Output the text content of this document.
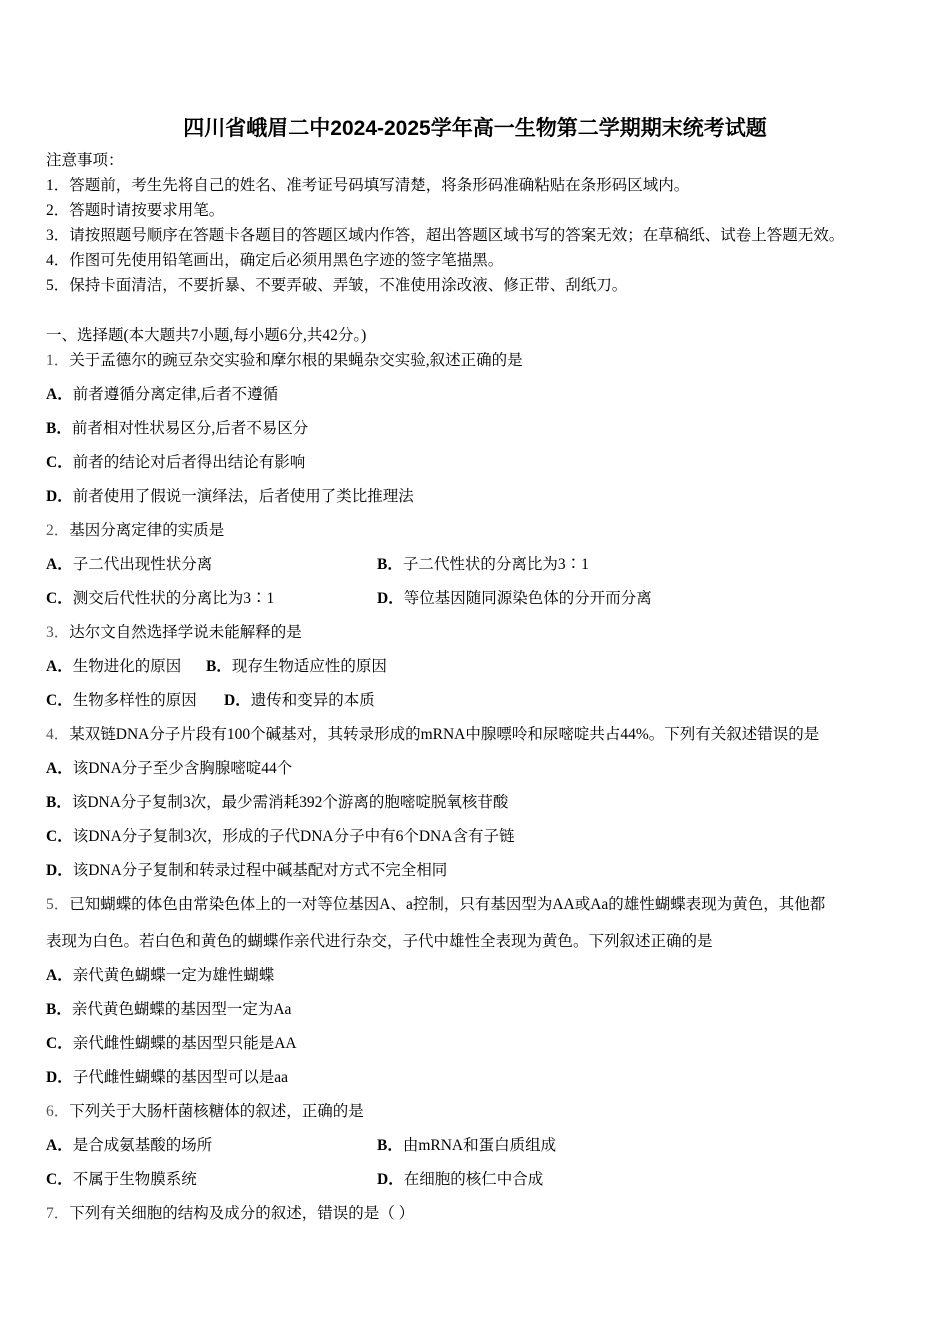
四川省峨眉二中2024-2025学年高一生物第二学期期末统考试题
注意事项：
1．答题前，考生先将自己的姓名、准考证号码填写清楚，将条形码准确粘贴在条形码区域内。
2．答题时请按要求用笔。
3．请按照题号顺序在答题卡各题目的答题区域内作答，超出答题区域书写的答案无效；在草稿纸、试卷上答题无效。
4．作图可先使用铅笔画出，确定后必须用黑色字迹的签字笔描黑。
5．保持卡面清洁，不要折暴、不要弄破、弄皱，不准使用涂改液、修正带、刮纸刀。
一、选择题(本大题共7小题,每小题6分,共42分。)
1．关于孟德尔的豌豆杂交实验和摩尔根的果蝇杂交实验,叙述正确的是
A．前者遵循分离定律,后者不遵循
B．前者相对性状易区分,后者不易区分
C．前者的结论对后者得出结论有影响
D．前者使用了假说一演绎法，后者使用了类比推理法
2．基因分离定律的实质是
A．子二代出现性状分离	B．子二代性状的分离比为3∶1
C．测交后代性状的分离比为3∶1	D．等位基因随同源染色体的分开而分离
3．达尔文自然选择学说未能解释的是
A．生物进化的原因 B．现存生物适应性的原因
C．生物多样性的原因 D．遗传和变异的本质
4．某双链DNA分子片段有100个碱基对，其转录形成的mRNA中腺嘌呤和尿嘧啶共占44%。下列有关叙述错误的是
A．该DNA分子至少含胸腺嘧啶44个
B．该DNA分子复制3次，最少需消耗392个游离的胞嘧啶脱氧核苷酸
C．该DNA分子复制3次，形成的子代DNA分子中有6个DNA含有子链
D．该DNA分子复制和转录过程中碱基配对方式不完全相同
5．已知蝴蝶的体色由常染色体上的一对等位基因A、a控制，只有基因型为AA或Aa的雄性蝴蝶表现为黄色，其他都
表现为白色。若白色和黄色的蝴蝶作亲代进行杂交，子代中雄性全表现为黄色。下列叙述正确的是
A．亲代黄色蝴蝶一定为雄性蝴蝶
B．亲代黄色蝴蝶的基因型一定为Aa
C．亲代雌性蝴蝶的基因型只能是AA
D．子代雌性蝴蝶的基因型可以是aa
6．下列关于大肠杆菌核糖体的叙述，正确的是
A．是合成氨基酸的场所	B．由mRNA和蛋白质组成
C．不属于生物膜系统	D．在细胞的核仁中合成
7．下列有关细胞的结构及成分的叙述，错误的是（ ）
